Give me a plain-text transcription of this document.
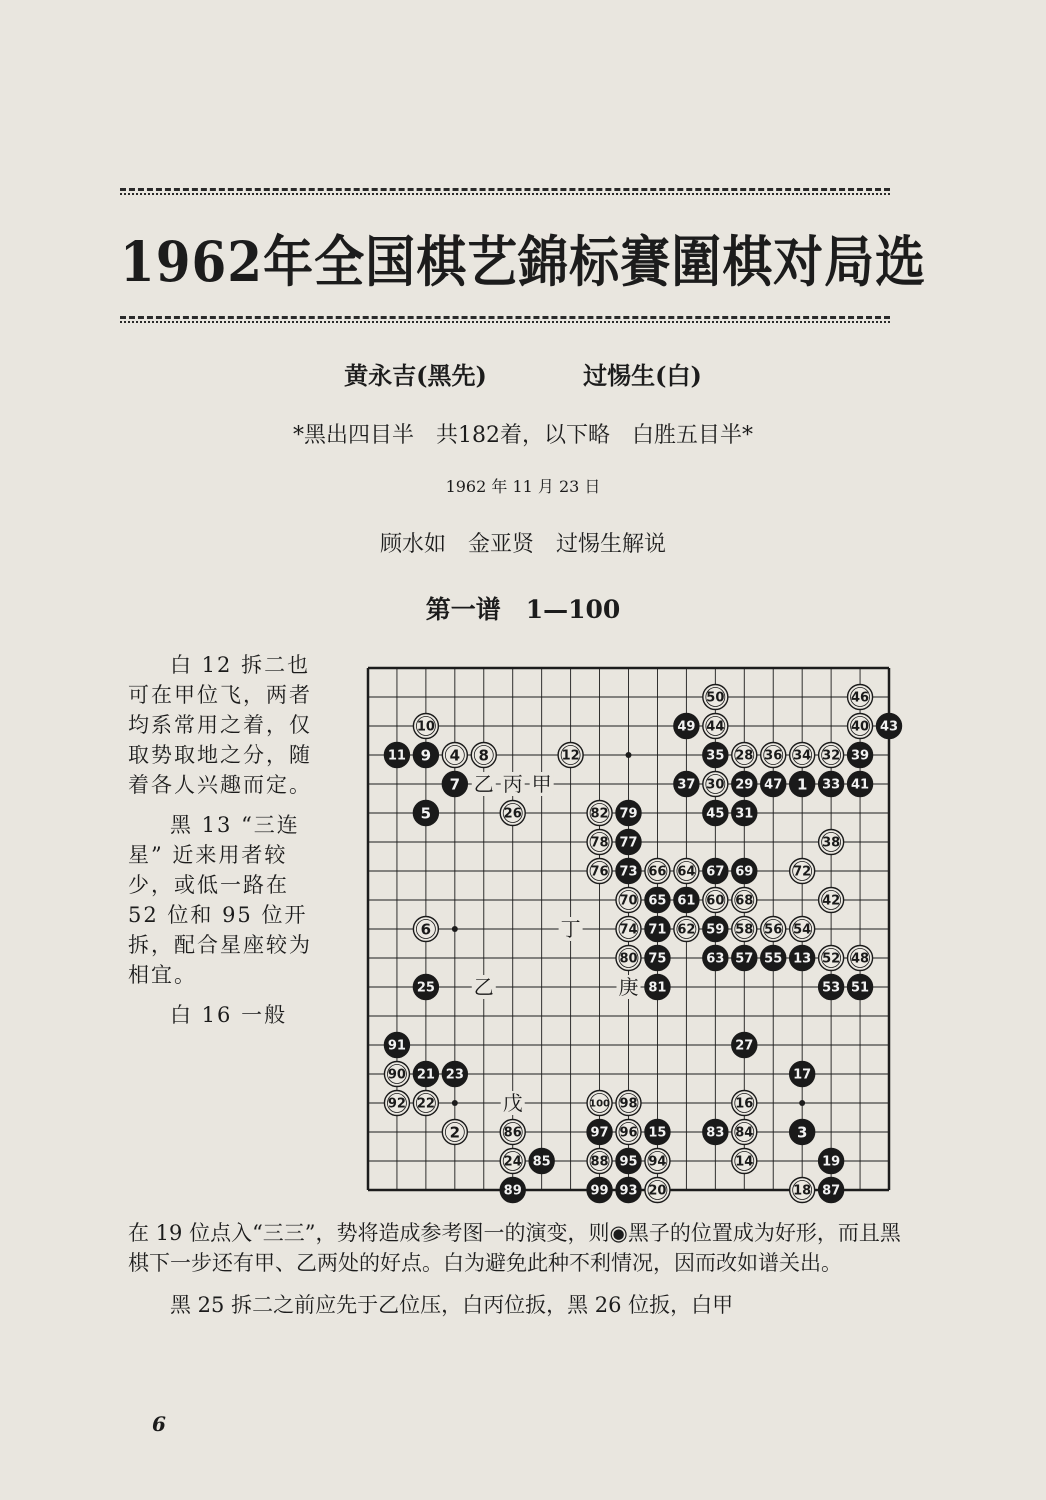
1962年全国棋艺錦标賽圍棋对局选
黄永吉(黑先)	过惕生(白)
*黑出四目半　共182着，以下略　白胜五目半*
1962 年 11 月 23 日
顾水如　金亚贤　过惕生解说
第一谱　1—100

白 12 拆二也可在甲位飞，两者均系常用之着，仅取势取地之分，随着各人兴趣而定。

黑 13 “三连星” 近来用者较少，或低一路在 52 位和 95 位开拆，配合星座较为相宜。

白 16 一般

11 9
7
5
49
35	39
43
37	29 47 1 33 41
79	45 31
77
73	67 69
65 61
71	59
75	63 57 55 13
25	81	53 51
91	27
21 23	17
97	15	83	3
85	95	19
89	99 93	87
50	46
10	44	40
4 8	12	28 36 34 32
30
26	82
78	38
76	66 64	72
70	60 68	42
6	74	62	58 56 54
80	52 48
90
92 22	100 98	16
2	86	96	84
24	88	94	14
20	18
乙 丙 甲
丁
乙	庚
戊

在 19 位点入“三三”，势将造成参考图一的演变，则◉黑子的位置成为好形，而且黑棋下一步还有甲、乙两处的好点。白为避免此种不利情况，因而改如谱关出。

黑 25 拆二之前应先于乙位压，白丙位扳，黑 26 位扳，白甲

6
